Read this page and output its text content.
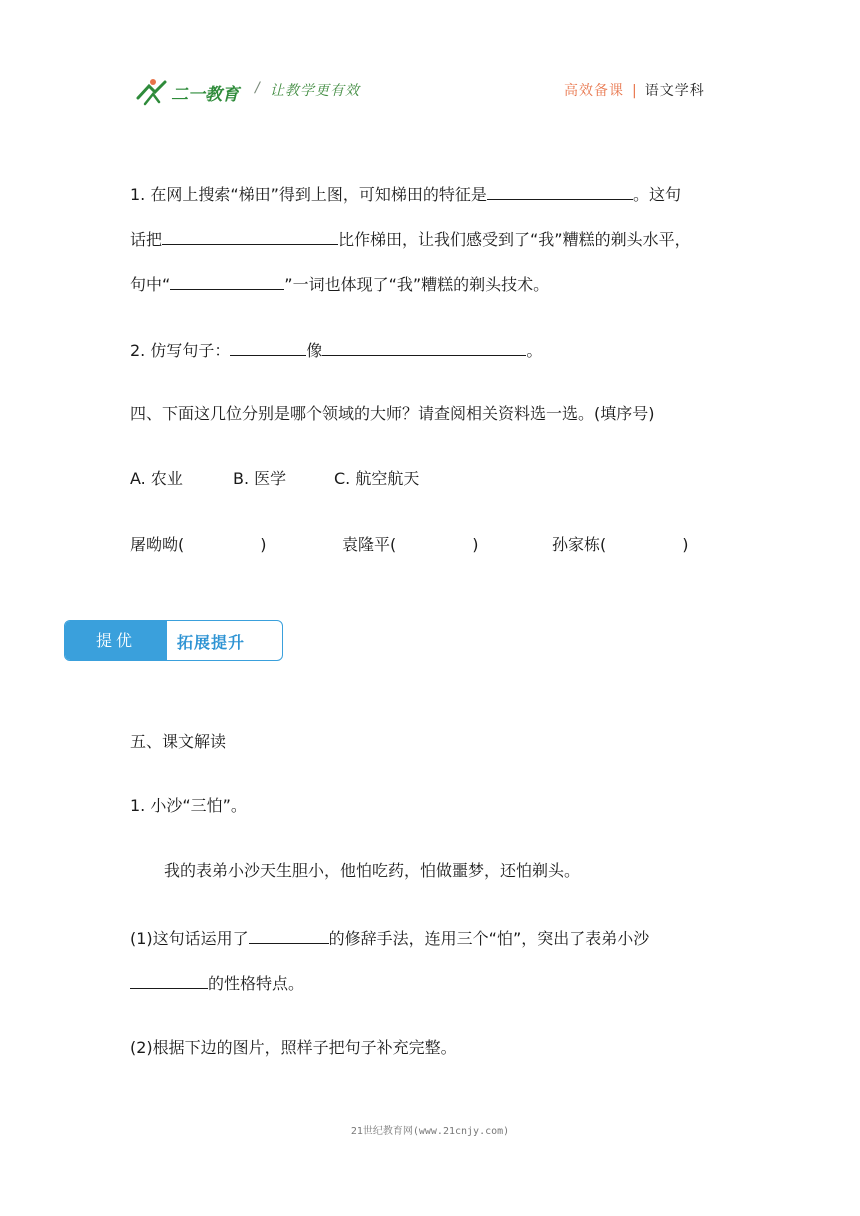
二一教育 / 让教学更有效	高效备课 | 语文学科
1. 在网上搜索“梯田”得到上图，可知梯田的特征是	。这句
话把	比作梯田，让我们感受到了“我”糟糕的剃头水平，
句中“	”一词也体现了“我”糟糕的剃头技术。
2. 仿写句子：	像	。
四、下面这几位分别是哪个领域的大师？请查阅相关资料选一选。(填序号)
A. 农业	B. 医学	C. 航空航天
屠呦呦(	)	袁隆平(	)	孙家栋(	)
提优	拓展提升
五、课文解读
1. 小沙“三怕”。
我的表弟小沙天生胆小，他怕吃药，怕做噩梦，还怕剃头。
(1)这句话运用了	的修辞手法，连用三个“怕”，突出了表弟小沙
的性格特点。
(2)根据下边的图片，照样子把句子补充完整。
21世纪教育网(www.21cnjy.com)
